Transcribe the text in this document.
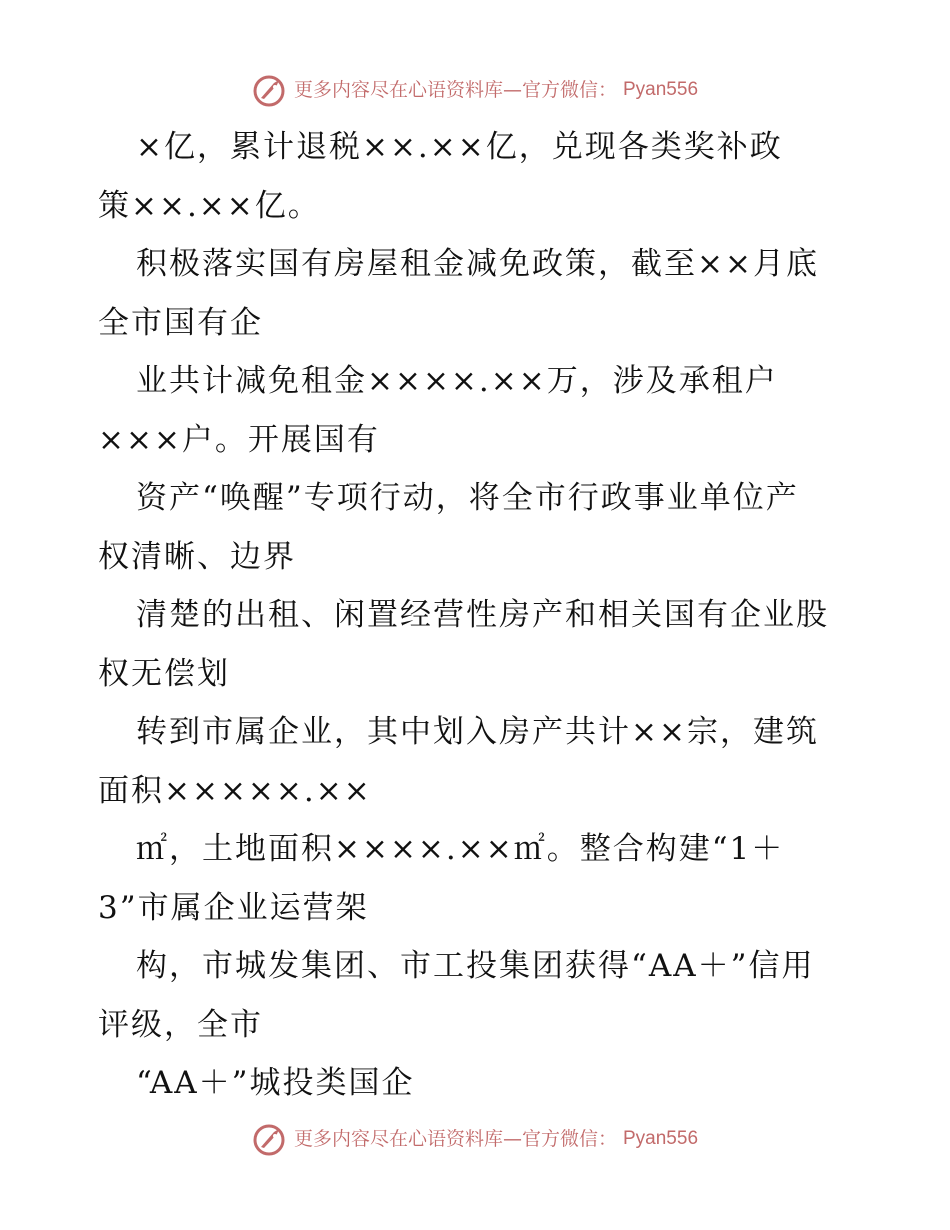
更多内容尽在心语资料库—官方微信： Pyan556
×亿，累计退税××.××亿，兑现各类奖补政
策××.××亿。
积极落实国有房屋租金减免政策，截至××月底
全市国有企
业共计减免租金××××.××万，涉及承租户
×××户。开展国有
资产“唤醒”专项行动，将全市行政事业单位产
权清晰、边界
清楚的出租、闲置经营性房产和相关国有企业股
权无偿划
转到市属企业，其中划入房产共计××宗，建筑
面积×××××.××
㎡，土地面积××××.××㎡。整合构建“1＋
3”市属企业运营架
构，市城发集团、市工投集团获得“AA＋”信用
评级，全市
“AA＋”城投类国企
更多内容尽在心语资料库—官方微信： Pyan556
